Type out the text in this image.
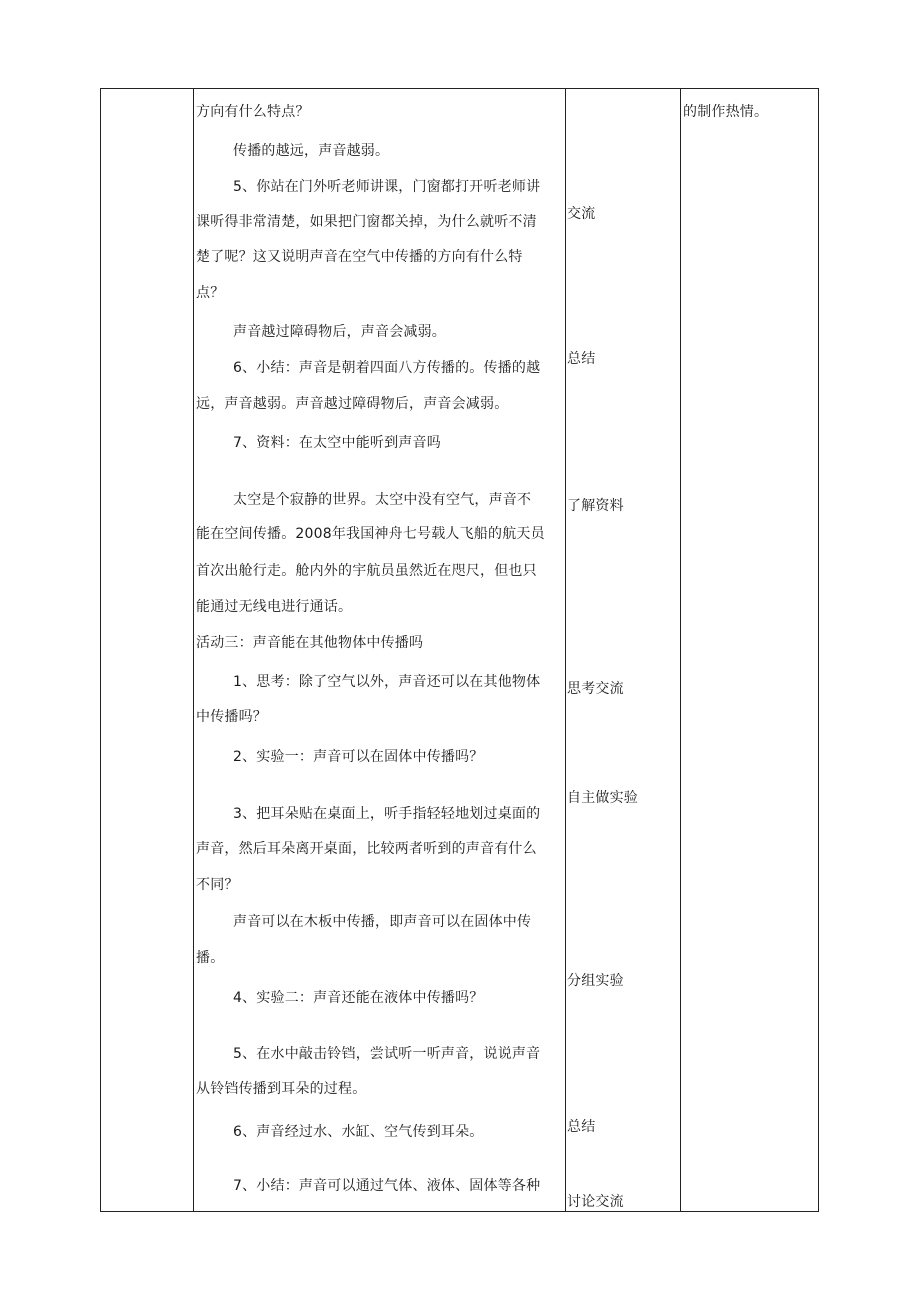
方向有什么特点？
传播的越远，声音越弱。
5、你站在门外听老师讲课，门窗都打开听老师讲
课听得非常清楚，如果把门窗都关掉，为什么就听不清
楚了呢？这又说明声音在空气中传播的方向有什么特
点？
声音越过障碍物后，声音会减弱。
6、小结：声音是朝着四面八方传播的。传播的越
远，声音越弱。声音越过障碍物后，声音会减弱。
7、资料：在太空中能听到声音吗
太空是个寂静的世界。太空中没有空气，声音不
能在空间传播。2008年我国神舟七号载人飞船的航天员
首次出舱行走。舱内外的宇航员虽然近在咫尺，但也只
能通过无线电进行通话。
活动三：声音能在其他物体中传播吗
1、思考：除了空气以外，声音还可以在其他物体
中传播吗？
2、实验一：声音可以在固体中传播吗？
3、把耳朵贴在桌面上，听手指轻轻地划过桌面的
声音，然后耳朵离开桌面，比较两者听到的声音有什么
不同？
声音可以在木板中传播，即声音可以在固体中传
播。
4、实验二：声音还能在液体中传播吗？
5、在水中敲击铃铛，尝试听一听声音，说说声音
从铃铛传播到耳朵的过程。
6、声音经过水、水缸、空气传到耳朵。
7、小结：声音可以通过气体、液体、固体等各种
交流
总结
了解资料
思考交流
自主做实验
分组实验
总结
讨论交流
的制作热情。
